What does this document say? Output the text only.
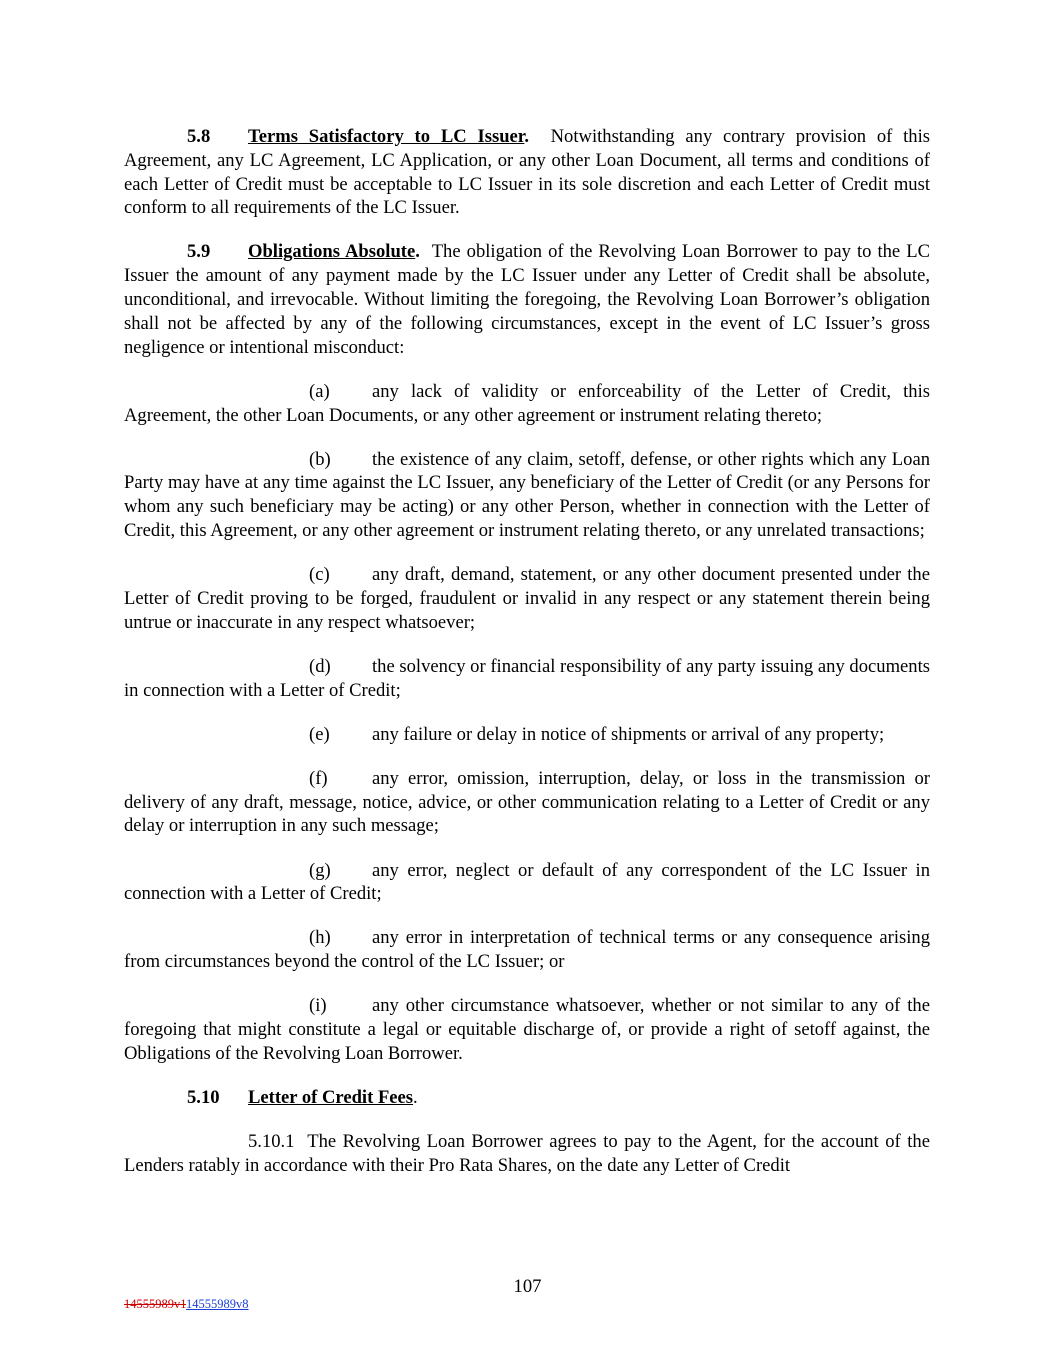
5.8 Terms Satisfactory to LC Issuer. Notwithstanding any contrary provision of this Agreement, any LC Agreement, LC Application, or any other Loan Document, all terms and conditions of each Letter of Credit must be acceptable to LC Issuer in its sole discretion and each Letter of Credit must conform to all requirements of the LC Issuer.

5.9 Obligations Absolute. The obligation of the Revolving Loan Borrower to pay to the LC Issuer the amount of any payment made by the LC Issuer under any Letter of Credit shall be absolute, unconditional, and irrevocable. Without limiting the foregoing, the Revolving Loan Borrower’s obligation shall not be affected by any of the following circumstances, except in the event of LC Issuer’s gross negligence or intentional misconduct:

(a) any lack of validity or enforceability of the Letter of Credit, this Agreement, the other Loan Documents, or any other agreement or instrument relating thereto;

(b) the existence of any claim, setoff, defense, or other rights which any Loan Party may have at any time against the LC Issuer, any beneficiary of the Letter of Credit (or any Persons for whom any such beneficiary may be acting) or any other Person, whether in connection with the Letter of Credit, this Agreement, or any other agreement or instrument relating thereto, or any unrelated transactions;

(c) any draft, demand, statement, or any other document presented under the Letter of Credit proving to be forged, fraudulent or invalid in any respect or any statement therein being untrue or inaccurate in any respect whatsoever;

(d) the solvency or financial responsibility of any party issuing any documents in connection with a Letter of Credit;

(e) any failure or delay in notice of shipments or arrival of any property;

(f) any error, omission, interruption, delay, or loss in the transmission or delivery of any draft, message, notice, advice, or other communication relating to a Letter of Credit or any delay or interruption in any such message;

(g) any error, neglect or default of any correspondent of the LC Issuer in connection with a Letter of Credit;

(h) any error in interpretation of technical terms or any consequence arising from circumstances beyond the control of the LC Issuer; or

(i) any other circumstance whatsoever, whether or not similar to any of the foregoing that might constitute a legal or equitable discharge of, or provide a right of setoff against, the Obligations of the Revolving Loan Borrower.

5.10 Letter of Credit Fees.

5.10.1 The Revolving Loan Borrower agrees to pay to the Agent, for the account of the Lenders ratably in accordance with their Pro Rata Shares, on the date any Letter of Credit

107
14555989v114555989v8
